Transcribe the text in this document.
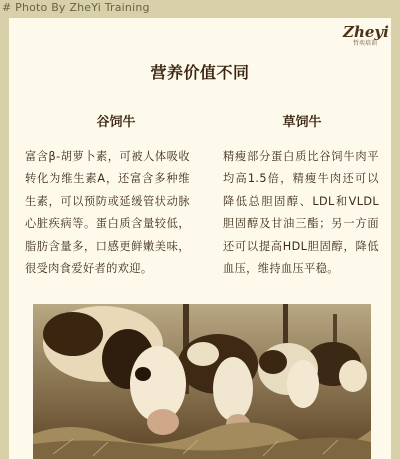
# Photo By ZheYi Training
Zheyi
哲奕培训
营养价值不同
谷饲牛	草饲牛
富含β-胡萝卜素，可被人体吸收转化为维生素A，还富含多种维生素，可以预防或延缓管状动脉心脏疾病等。蛋白质含量较低，脂肪含量多，口感更鲜嫩美味，很受肉食爱好者的欢迎。
精瘦部分蛋白质比谷饲牛肉平均高1.5倍，精瘦牛肉还可以降低总胆固醇、LDL和VLDL胆固醇及甘油三酯；另一方面还可以提高HDL胆固醇，降低血压，维持血压平稳。
